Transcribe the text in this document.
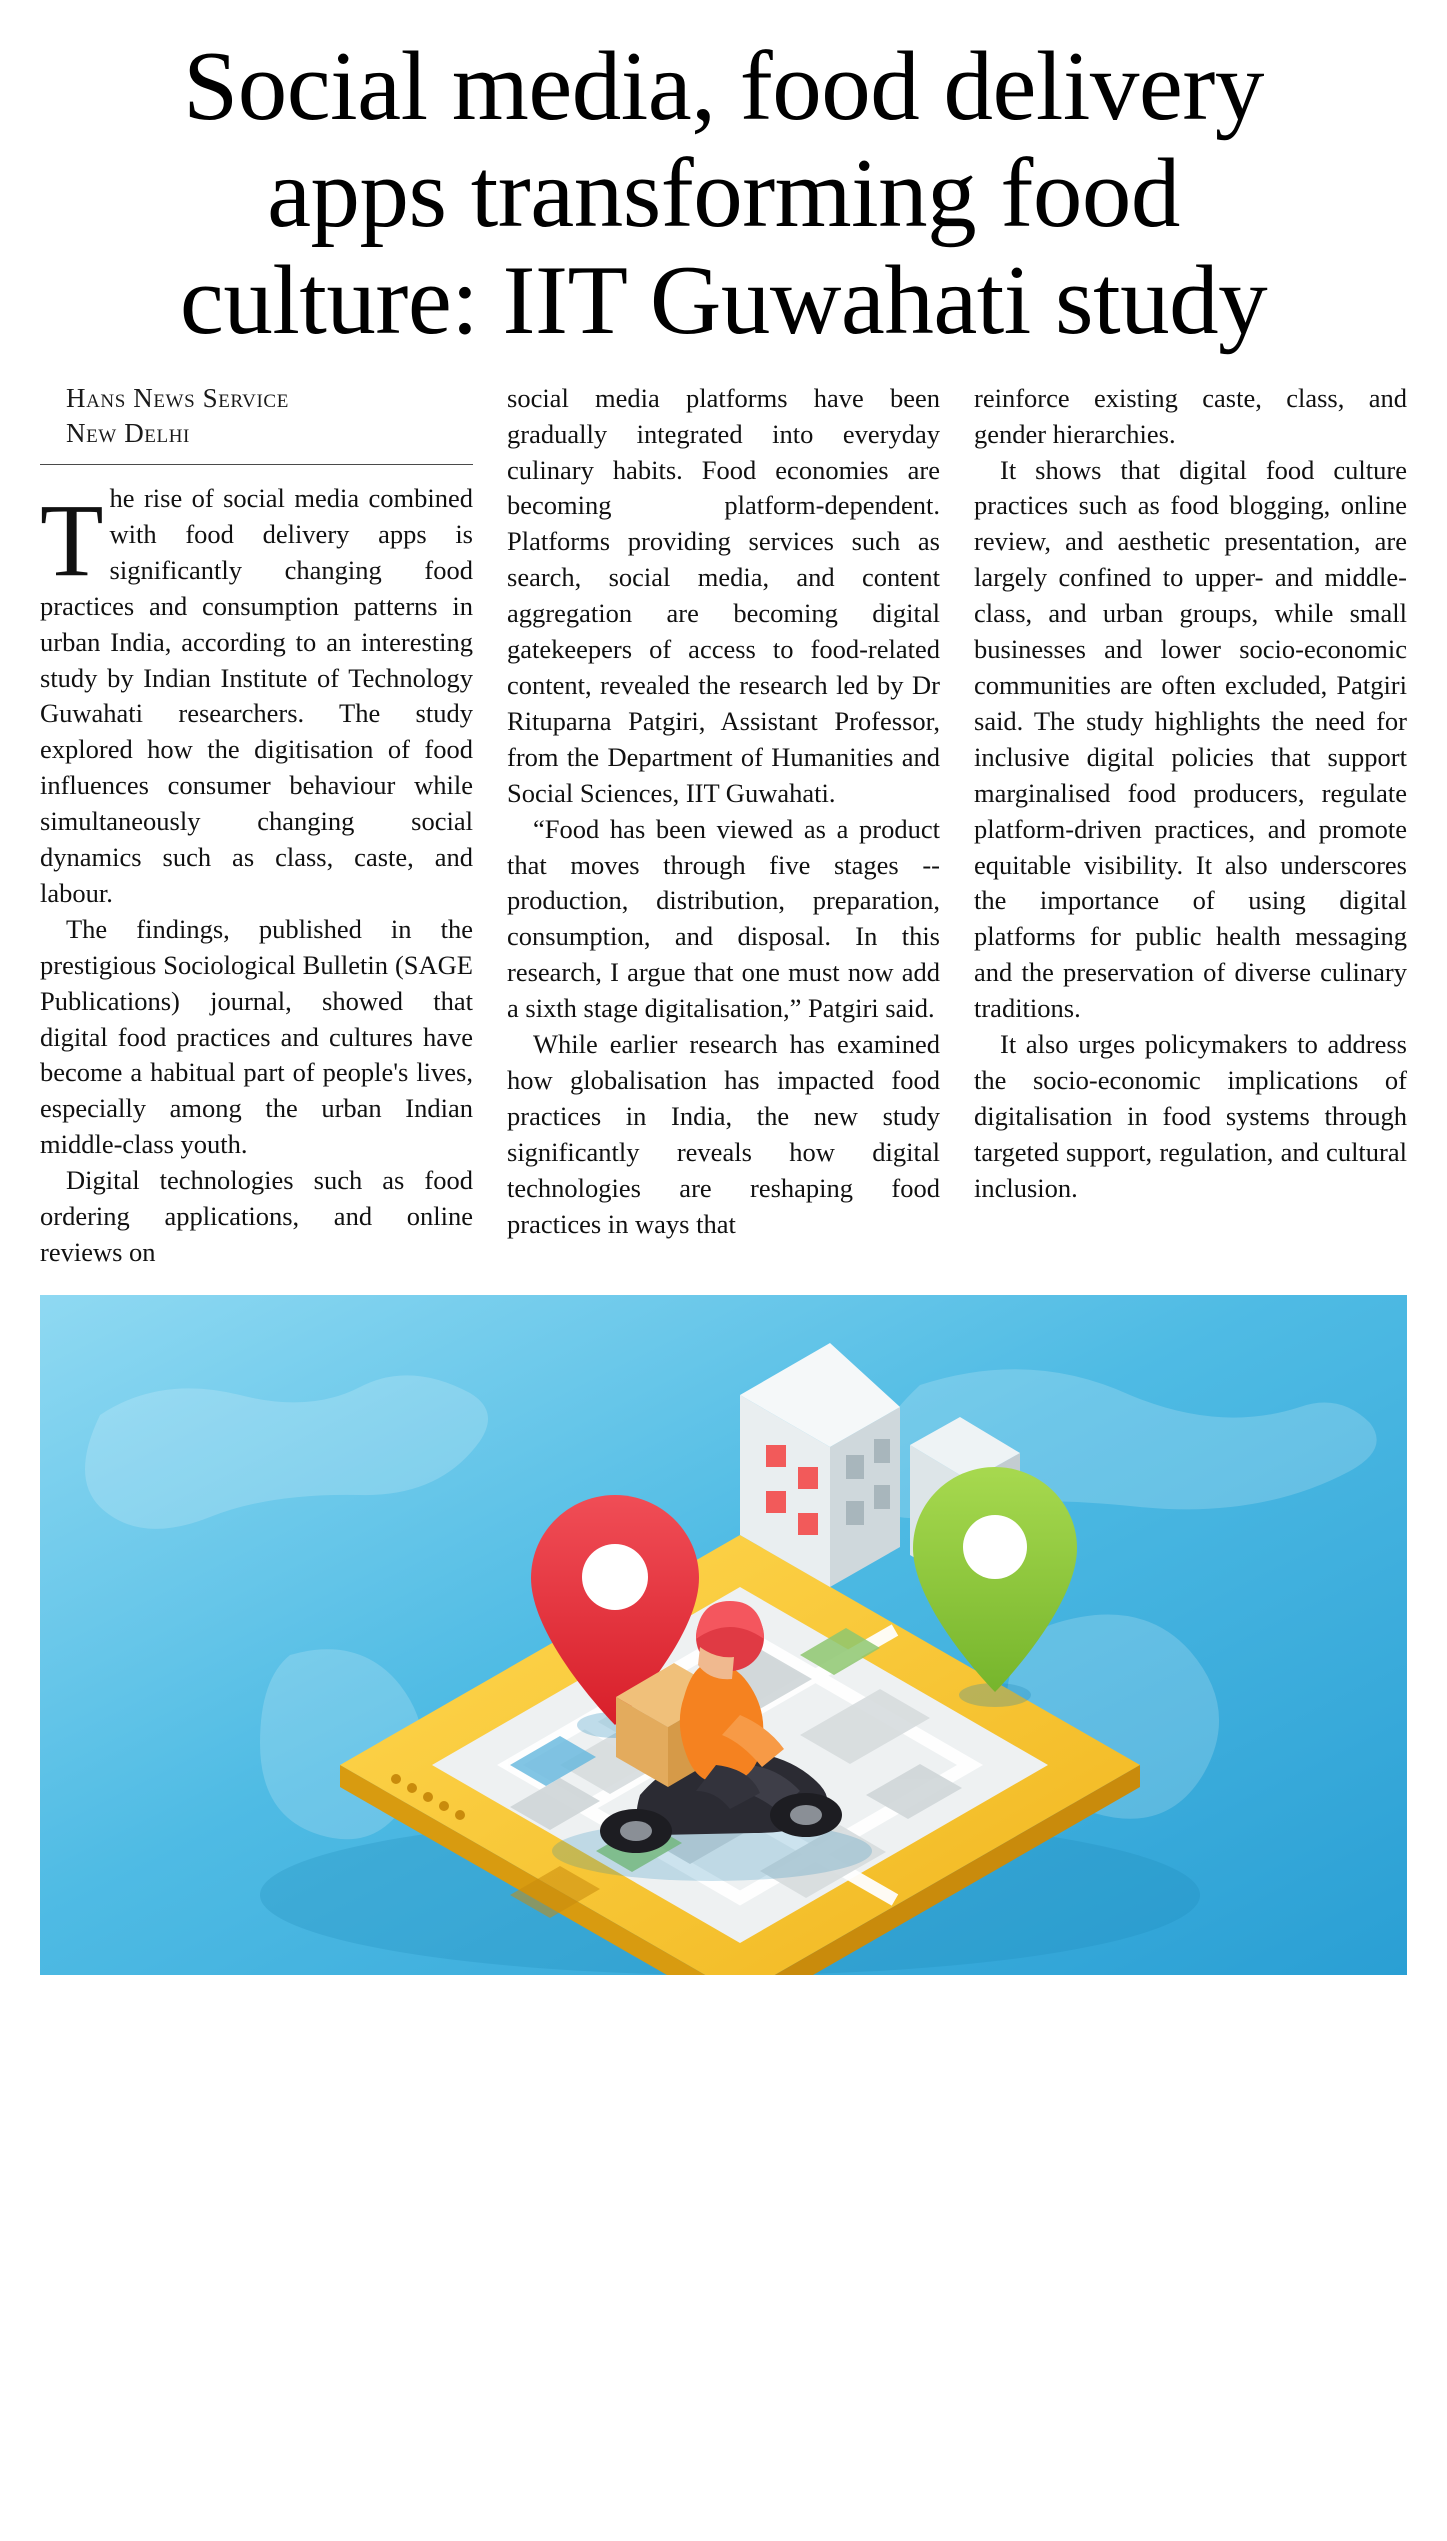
Social media, food delivery
apps transforming food
culture: IIT Guwahati study
Hans News Service
New Delhi

The rise of social media combined with food delivery apps is significantly changing food practices and consumption patterns in urban India, according to an interesting study by Indian Institute of Technology Guwahati researchers. The study explored how the digitisation of food influences consumer behaviour while simultaneously changing social dynamics such as class, caste, and labour.

The findings, published in the prestigious Sociological Bulletin (SAGE Publications) journal, showed that digital food practices and cultures have become a habitual part of people's lives, especially among the urban Indian middle-class youth.

Digital technologies such as food ordering applications, and online reviews on

social media platforms have been gradually integrated into everyday culinary habits. Food economies are becoming platform-dependent. Platforms providing services such as search, social media, and content aggregation are becoming digital gatekeepers of access to food-related content, revealed the research led by Dr Rituparna Patgiri, Assistant Professor, from the Department of Humanities and Social Sciences, IIT Guwahati.

“Food has been viewed as a product that moves through five stages -- production, distribution, preparation, consumption, and disposal. In this research, I argue that one must now add a sixth stage digitalisation,” Patgiri said.

While earlier research has examined how globalisation has impacted food practices in India, the new study significantly reveals how digital technologies are reshaping food practices in ways that

reinforce existing caste, class, and gender hierarchies.

It shows that digital food culture practices such as food blogging, online review, and aesthetic presentation, are largely confined to upper- and middle-class, and urban groups, while small businesses and lower socio-economic communities are often excluded, Patgiri said. The study highlights the need for inclusive digital policies that support marginalised food producers, regulate platform-driven practices, and promote equitable visibility. It also underscores the importance of using digital platforms for public health messaging and the preservation of diverse culinary traditions.

It also urges policymakers to address the socio-economic implications of digitalisation in food systems through targeted support, regulation, and cultural inclusion.
